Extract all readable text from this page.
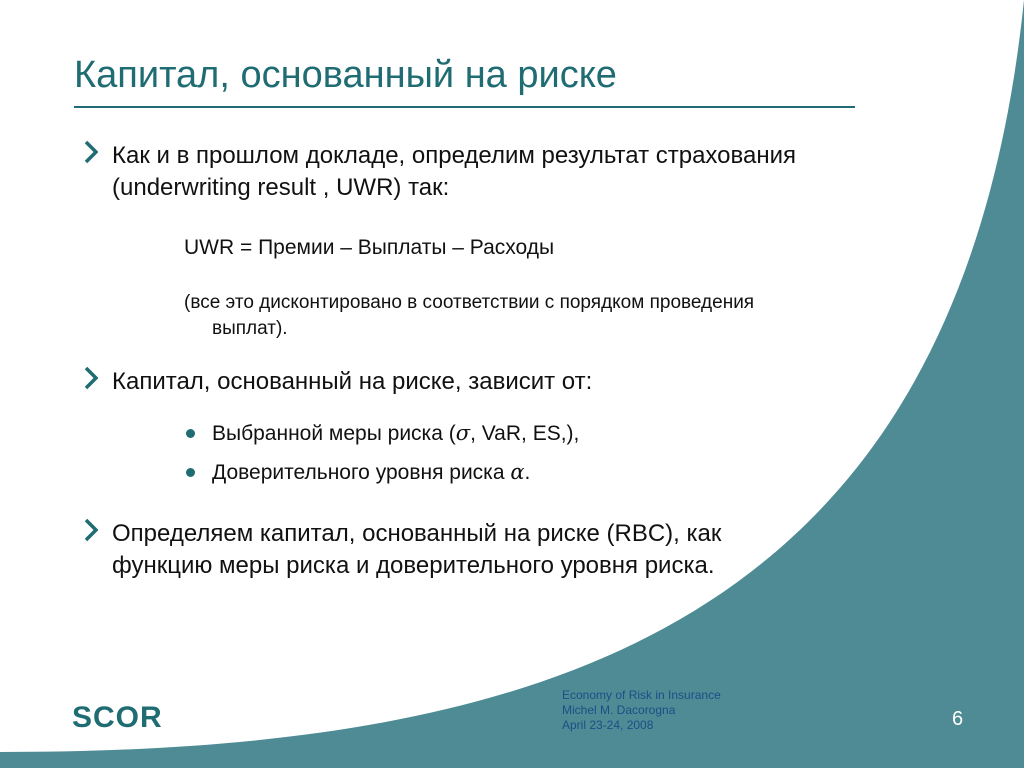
Капитал, основанный на риске
Как и в прошлом докладе, определим результат страхования
(underwriting result , UWR) так:
UWR = Премии – Выплаты – Расходы
(все это дисконтировано в соответствии с порядком проведения
выплат).
Капитал, основанный на риске, зависит от:
Выбранной меры риска (σ, VaR, ES,),
Доверительного уровня риска α.
Определяем капитал, основанный на риске (RBC), как
функцию меры риска и доверительного уровня риска.
SCOR
Economy of Risk in Insurance
Michel M. Dacorogna
April 23-24, 2008	6
